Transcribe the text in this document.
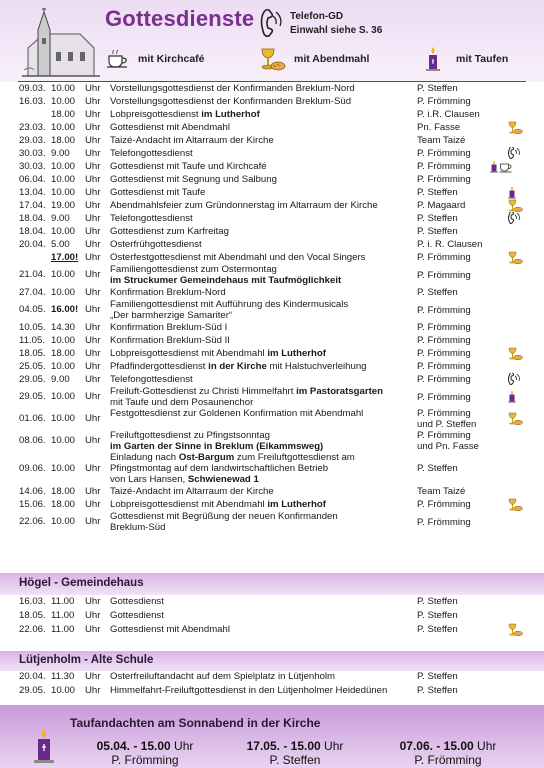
Gottesdienste	Telefon-GD
Einwahl siehe S. 36
mit Kirchcafé	mit Abendmahl	mit Taufen
09.03. 10.00	Uhr Vorstellungsgottesdienst der Konfirmanden Breklum-Nord	P. Steffen
16.03. 10.00	Uhr Vorstellungsgottesdienst der Konfirmanden Breklum-Süd	P. Frömming
18.00	Uhr Lobpreisgottesdienst im Lutherhof	P. i.R. Clausen
23.03. 10.00	Uhr Gottesdienst mit Abendmahl	Pn. Fasse
29.03. 18.00	Uhr Taizé-Andacht im Altarraum der Kirche	Team Taizé
30.03. 9.00	Uhr Telefongottesdienst	P. Frömming
30.03. 10.00	Uhr Gottesdienst mit Taufe und Kirchcafé	P. Frömming
06.04. 10.00	Uhr Gottesdienst mit Segnung und Salbung	P. Frömming
13.04. 10.00	Uhr Gottesdienst mit Taufe	P. Steffen
17.04. 19.00	Uhr Abendmahlsfeier zum Gründonnerstag im Altarraum der Kirche	P. Magaard
18.04. 9.00	Uhr Telefongottesdienst	P. Steffen
18.04. 10.00	Uhr Gottesdienst zum Karfreitag	P. Steffen
20.04. 5.00	Uhr Osterfrühgottesdienst	P. i. R. Clausen
17.00! Uhr Osterfestgottesdienst mit Abendmahl und den Vocal Singers	P. Frömming
21.04. 10.00	Uhr Familiengottesdienst zum Ostermontag
im Struckumer Gemeindehaus mit Taufmöglichkeit	P. Frömming
27.04. 10.00	Uhr Konfirmation Breklum-Nord	P. Steffen
04.05. 16.00! Uhr Familiengottesdienst mit Aufführung des Kindermusicals
„Der barmherzige Samariter“	P. Frömming
10.05. 14.30	Uhr Konfirmation Breklum-Süd I	P. Frömming
11.05. 10.00	Uhr Konfirmation Breklum-Süd II	P. Frömming
18.05. 18.00	Uhr Lobpreisgottesdienst mit Abendmahl im Lutherhof	P. Frömming
25.05. 10.00	Uhr Pfadfindergottesdienst in der Kirche mit Halstuchverleihung	P. Frömming
29.05. 9.00	Uhr Telefongottesdienst	P. Frömming
29.05. 10.00	Uhr Freiluft-Gottesdienst zu Christi Himmelfahrt im Pastoratsgarten
mit Taufe und dem Posaunenchor	P. Frömming
01.06. 10.00	Uhr Festgottesdienst zur Goldenen Konfirmation mit Abendmahl	P. Frömming
und P. Steffen
08.06. 10.00	Uhr Freiluftgottesdienst zu Pfingstsonntag
im Garten der Sinne in Breklum (Eikammsweg)
P. Frömming
und Pn. Fasse
09.06. 10.00	Uhr
Einladung nach Ost-Bargum zum Freiluftgottesdienst am
Pfingstmontag auf dem landwirtschaftlichen Betrieb
von Lars Hansen, Schwienewad 1
P. Steffen
14.06. 18.00	Uhr Taizé-Andacht im Altarraum der Kirche	Team Taizé
15.06. 18.00	Uhr Lobpreisgottesdienst mit Abendmahl im Lutherhof	P. Frömming
22.06. 10.00	Uhr Gottesdienst mit Begrüßung der neuen Konfirmanden
Breklum-Süd	P. Frömming
Högel - Gemeindehaus
16.03. 11.00	Uhr Gottesdienst	P. Steffen
18.05. 11.00	Uhr Gottesdienst	P. Steffen
22.06. 11.00	Uhr Gottesdienst mit Abendmahl	P. Steffen
Lütjenholm - Alte Schule
20.04. 11.30	Uhr Osterfreiluftandacht auf dem Spielplatz in Lütjenholm	P. Steffen
29.05. 10.00	Uhr Himmelfahrt-Freiluftgottesdienst in den Lütjenholmer Heidedünen	P. Steffen
Taufandachten am Sonnabend in der Kirche
05.04. - 15.00 Uhr
P. Frömming
17.05. - 15.00 Uhr
P. Steffen
07.06. - 15.00 Uhr
P. Frömming
